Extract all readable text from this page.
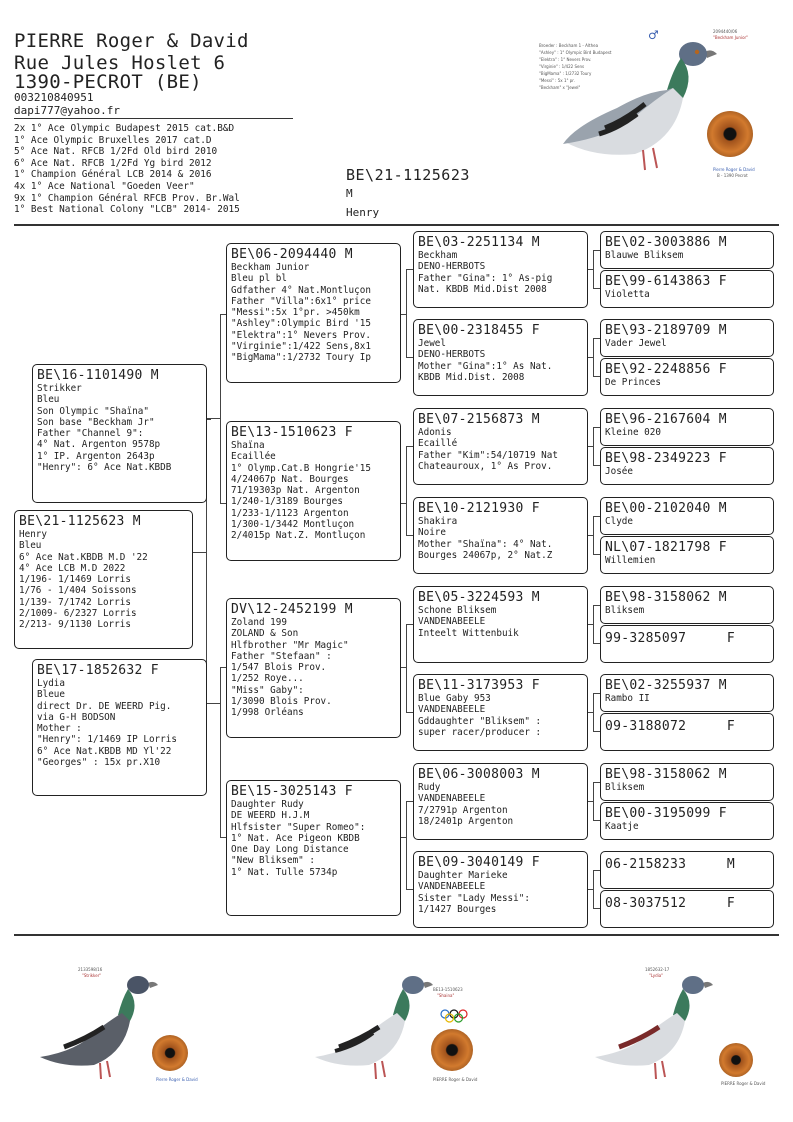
PIERRE Roger & David
Rue Jules Hoslet 6
1390-PECROT (BE)
003210840951
dapi777@yahoo.fr
2x 1° Ace Olympic Budapest 2015 cat.B&D
1° Ace Olympic Bruxelles 2017 cat.D
5° Ace Nat. RFCB 1/2Fd Old bird 2010
6° Ace Nat. RFCB 1/2Fd Yg bird 2012
1° Champion Général LCB 2014 & 2016
4x 1° Ace National "Goeden Veer"
9x 1° Champion Général RFCB Prov. Br.Wal
1° Best National Colony "LCB" 2014- 2015
BE\21-1125623
M
Henry
2094440/06
"Beckham Junior"
♂
Broeder : Beckham 1 - Althea
"Ashley" : 1° Olympic Bird Budapest
"Elektra" : 1° Nevers Prov.
"Virginie" : 1/422 Sens
"BigMama" : 1/2732 Toury
"Messi" : 5x 1° pr.
"Beckham" x "Jewel"
Pierre Roger & David
B - 1390 Pecrot
BE\21-1125623 M
Henry
Bleu
6° Ace Nat.KBDB M.D '22
4° Ace LCB M.D 2022
1/196- 1/1469 Lorris
1/76 - 1/404 Soissons
1/139- 7/1742 Lorris
2/1009- 6/2327 Lorris
2/213- 9/1130 Lorris
BE\16-1101490 M
Strikker
Bleu
Son Olympic "Shaïna"
Son base "Beckham Jr"
Father "Channel 9":
4° Nat. Argenton 9578p
1° IP. Argenton 2643p
"Henry": 6° Ace Nat.KBDB
BE\17-1852632 F
Lydia
Bleue
direct Dr. DE WEERD Pig.
via G-H BODSON
Mother :
"Henry": 1/1469 IP Lorris
6° Ace Nat.KBDB MD Yl'22
"Georges" : 15x pr.X10
BE\06-2094440 M
Beckham Junior
Bleu pl bl
Gdfather 4° Nat.Montluçon
Father "Villa":6x1° price
"Messi":5x 1°pr. >450km
"Ashley":Olympic Bird '15
"Elektra":1° Nevers Prov.
"Virginie":1/422 Sens,8x1
"BigMama":1/2732 Toury Ip
BE\13-1510623 F
Shaïna
Ecaillée
1° Olymp.Cat.B Hongrie'15
4/24067p Nat. Bourges
71/19303p Nat. Argenton
1/240-1/3189 Bourges
1/233-1/1123 Argenton
1/300-1/3442 Montluçon
2/4015p Nat.Z. Montluçon
DV\12-2452199 M
Zoland 199
ZOLAND & Son
Hlfbrother "Mr Magic"
Father "Stefaan" :
1/547 Blois Prov.
1/252 Roye...
"Miss" Gaby":
1/3090 Blois Prov.
1/998 Orléans
BE\15-3025143 F
Daughter Rudy
DE WEERD H.J.M
Hlfsister "Super Romeo":
1° Nat. Ace Pigeon KBDB
One Day Long Distance
"New Bliksem" :
1° Nat. Tulle 5734p
BE\03-2251134 M
Beckham
DENO-HERBOTS
Father "Gina": 1° As-pig
Nat. KBDB Mid.Dist 2008
BE\00-2318455 F
Jewel
DENO-HERBOTS
Mother "Gina":1° As Nat.
KBDB Mid.Dist. 2008
BE\07-2156873 M
Adonis
Ecaillé
Father "Kim":54/10719 Nat
Chateauroux, 1° As Prov.
BE\10-2121930 F
Shakira
Noire
Mother "Shaïna": 4° Nat.
Bourges 24067p, 2° Nat.Z
BE\05-3224593 M
Schone Bliksem
VANDENABEELE
Inteelt Wittenbuik
BE\11-3173953 F
Blue Gaby 953
VANDENABEELE
Gddaughter "Bliksem" :
super racer/producer :
BE\06-3008003 M
Rudy
VANDENABEELE
7/2791p Argenton
18/2401p Argenton
BE\09-3040149 F
Daughter Marieke
VANDENABEELE
Sister "Lady Messi":
1/1427 Bourges
BE\02-3003886 M
Blauwe Bliksem
BE\99-6143863 F
Violetta
BE\93-2189709 M
Vader Jewel
BE\92-2248856 F
De Princes
BE\96-2167604 M
Kleine 020
BE\98-2349223 F
Josée
BE\00-2102040 M
Clyde
NL\07-1821798 F
Willemien
BE\98-3158062 M
Bliksem
99-3285097     F
BE\02-3255937 M
Rambo II
09-3188072     F
BE\98-3158062 M
Bliksem
BE\00-3195099 F
Kaatje
06-2158233     M
08-3037512     F
2133598/16
"Strikker"
Pierre Roger & David
BE13-1510623
"Shaina"
PIERRE Roger & David
1852632-17
"Lydia"
PIERRE Roger & David
